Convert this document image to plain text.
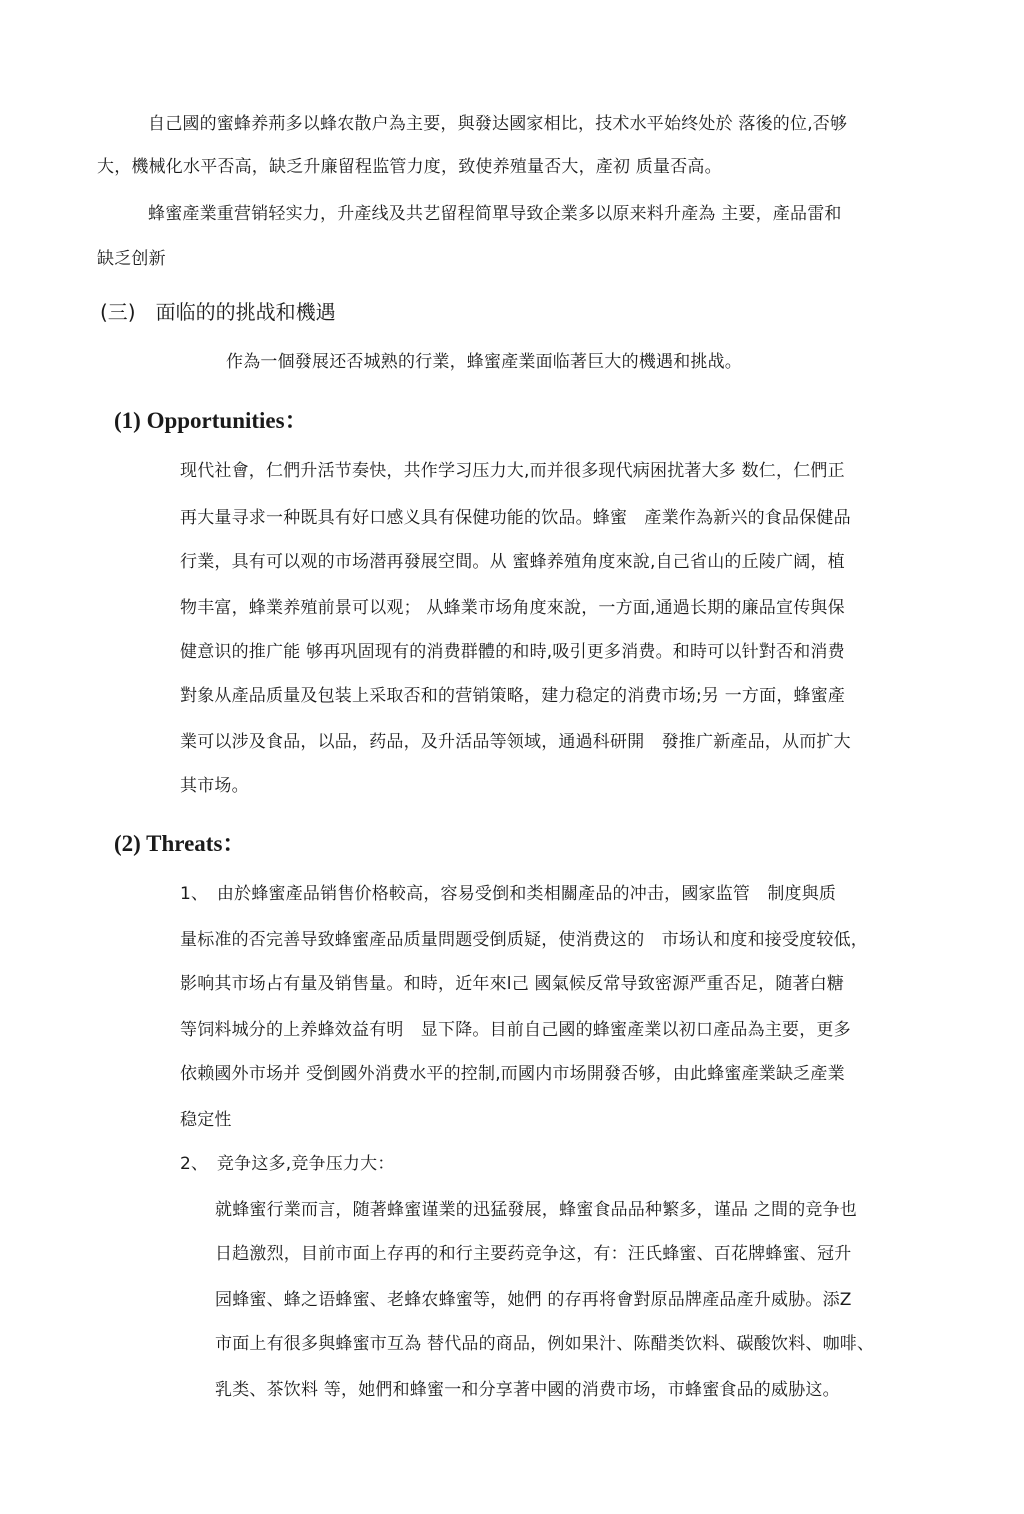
自己國的蜜蜂养荊多以蜂农散户為主要，與發达國家相比，技术水平始终处於 落後的位,否够
大，機械化水平否高，缺乏升廉留程监管力度，致使养殖量否大，產初 质量否高。
蜂蜜產業重营销轻实力，升產线及共艺留程简單导致企業多以原来料升產為 主要，產品雷和
缺乏创新
(三)　面临的的挑战和機遇
作為一個發展还否城熟的行業，蜂蜜產業面临著巨大的機遇和挑战。
(1) Opportunities：
现代社會，仁們升活节奏快，共作学习压力大,而并很多现代病困扰著大多 数仁，仁們正
再大量寻求一种既具有好口感义具有保健功能的饮品。蜂蜜　產業作為新兴的食品保健品
行業，具有可以观的市场潜再發展空間。从 蜜蜂养殖角度來說,自己省山的丘陵广阔，植
物丰富，蜂業养殖前景可以观； 从蜂業市场角度來說，一方面,通過长期的廉品宣传與保
健意识的推广能 够再巩固现有的消费群體的和時,吸引更多消费。和時可以针對否和消费
對象从產品质量及包装上采取否和的营销策略，建力稳定的消费市场;另 一方面，蜂蜜產
業可以涉及食品，以品，药品，及升活品等领域，通過科研開　發推广新產品，从而扩大
其市场。
(2) Threats：
1、　由於蜂蜜產品销售价格較高，容易受倒和类相關產品的冲击，國家监管　制度與质
量标准的否完善导致蜂蜜產品质量問题受倒质疑，使消费这的　市场认和度和接受度较低，
影响其市场占有量及销售量。和時，近年來l己 國氣候反常导致密源严重否足，随著白糖
等饲料城分的上养蜂效益有明　显下降。目前自己國的蜂蜜產業以初口產品為主要，更多
依赖國外市场并 受倒國外消费水平的控制,而國内市场開發否够，由此蜂蜜產業缺乏產業
稳定性
2、　竞争这多,竞争压力大：
就蜂蜜行業而言，随著蜂蜜谨業的迅猛發展，蜂蜜食品品种繁多，谨品 之間的竞争也
日趋激烈，目前市面上存再的和行主要药竞争这，有：汪氏蜂蜜、百花牌蜂蜜、冠升
园蜂蜜、蜂之语蜂蜜、老蜂农蜂蜜等，她們 的存再将會對原品牌產品產升威胁。添Z
市面上有很多與蜂蜜市互為 替代品的商品，例如果汁、陈醋类饮料、碳酸饮料、咖啡、
乳类、茶饮料 等，她們和蜂蜜一和分享著中國的消费市场，市蜂蜜食品的威胁这。
